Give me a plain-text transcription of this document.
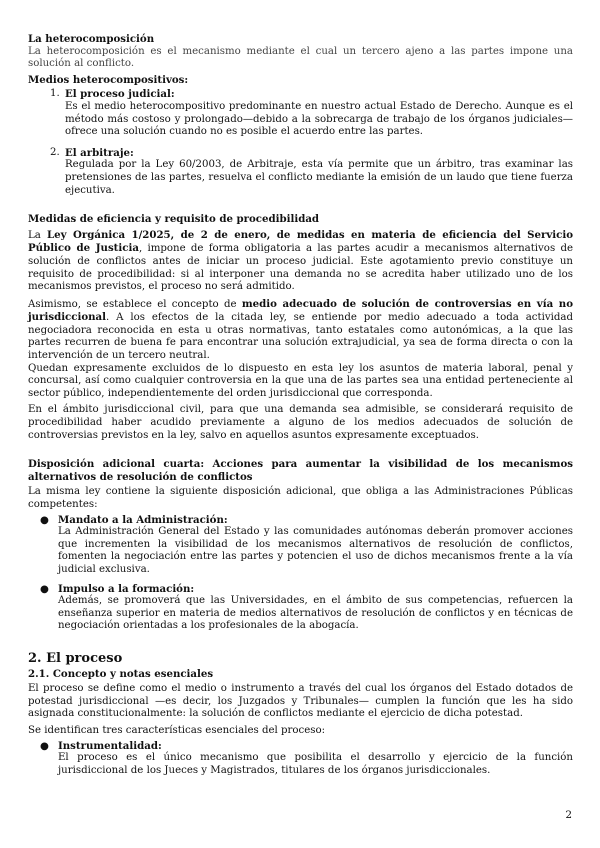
La heterocomposición

La heterocomposición es el mecanismo mediante el cual un tercero ajeno a las partes impone una solución al conflicto.

Medios heterocompositivos:

1. El proceso judicial:

Es el medio heterocompositivo predominante en nuestro actual Estado de Derecho. Aunque es el método más costoso y prolongado—debido a la sobrecarga de trabajo de los órganos judiciales—ofrece una solución cuando no es posible el acuerdo entre las partes.

2. El arbitraje:

Regulada por la Ley 60/2003, de Arbitraje, esta vía permite que un árbitro, tras examinar las pretensiones de las partes, resuelva el conflicto mediante la emisión de un laudo que tiene fuerza ejecutiva.

Medidas de eficiencia y requisito de procedibilidad

La Ley Orgánica 1/2025, de 2 de enero, de medidas en materia de eficiencia del Servicio Público de Justicia, impone de forma obligatoria a las partes acudir a mecanismos alternativos de solución de conflictos antes de iniciar un proceso judicial. Este agotamiento previo constituye un requisito de procedibilidad: si al interponer una demanda no se acredita haber utilizado uno de los mecanismos previstos, el proceso no será admitido.

Asimismo, se establece el concepto de medio adecuado de solución de controversias en vía no jurisdiccional. A los efectos de la citada ley, se entiende por medio adecuado a toda actividad negociadora reconocida en esta u otras normativas, tanto estatales como autonómicas, a la que las partes recurren de buena fe para encontrar una solución extrajudicial, ya sea de forma directa o con la intervención de un tercero neutral.

Quedan expresamente excluidos de lo dispuesto en esta ley los asuntos de materia laboral, penal y concursal, así como cualquier controversia en la que una de las partes sea una entidad perteneciente al sector público, independientemente del orden jurisdiccional que corresponda.

En el ámbito jurisdiccional civil, para que una demanda sea admisible, se considerará requisito de procedibilidad haber acudido previamente a alguno de los medios adecuados de solución de controversias previstos en la ley, salvo en aquellos asuntos expresamente exceptuados.

Disposición adicional cuarta: Acciones para aumentar la visibilidad de los mecanismos alternativos de resolución de conflictos

La misma ley contiene la siguiente disposición adicional, que obliga a las Administraciones Públicas competentes:

● Mandato a la Administración:

La Administración General del Estado y las comunidades autónomas deberán promover acciones que incrementen la visibilidad de los mecanismos alternativos de resolución de conflictos, fomenten la negociación entre las partes y potencien el uso de dichos mecanismos frente a la vía judicial exclusiva.

● Impulso a la formación:

Además, se promoverá que las Universidades, en el ámbito de sus competencias, refuercen la enseñanza superior en materia de medios alternativos de resolución de conflictos y en técnicas de negociación orientadas a los profesionales de la abogacía.

2. El proceso

2.1. Concepto y notas esenciales

El proceso se define como el medio o instrumento a través del cual los órganos del Estado dotados de potestad jurisdiccional —es decir, los Juzgados y Tribunales— cumplen la función que les ha sido asignada constitucionalmente: la solución de conflictos mediante el ejercicio de dicha potestad.

Se identifican tres características esenciales del proceso:

● Instrumentalidad:

El proceso es el único mecanismo que posibilita el desarrollo y ejercicio de la función jurisdiccional de los Jueces y Magistrados, titulares de los órganos jurisdiccionales.

2
